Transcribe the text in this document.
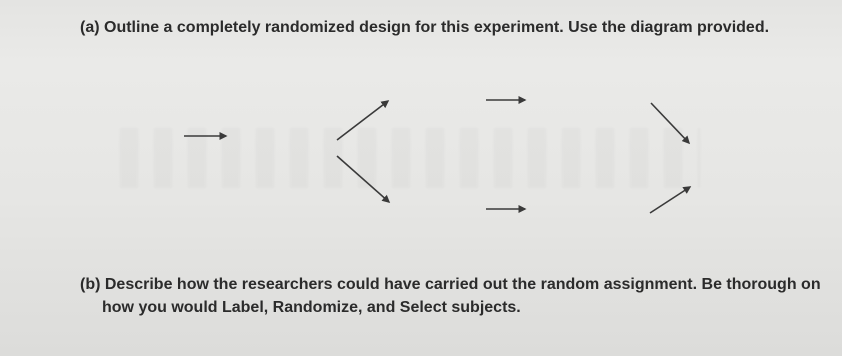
(a) Outline a completely randomized design for this experiment. Use the diagram provided.
(b) Describe how the researchers could have carried out the random assignment. Be thorough on
how you would Label, Randomize, and Select subjects.
